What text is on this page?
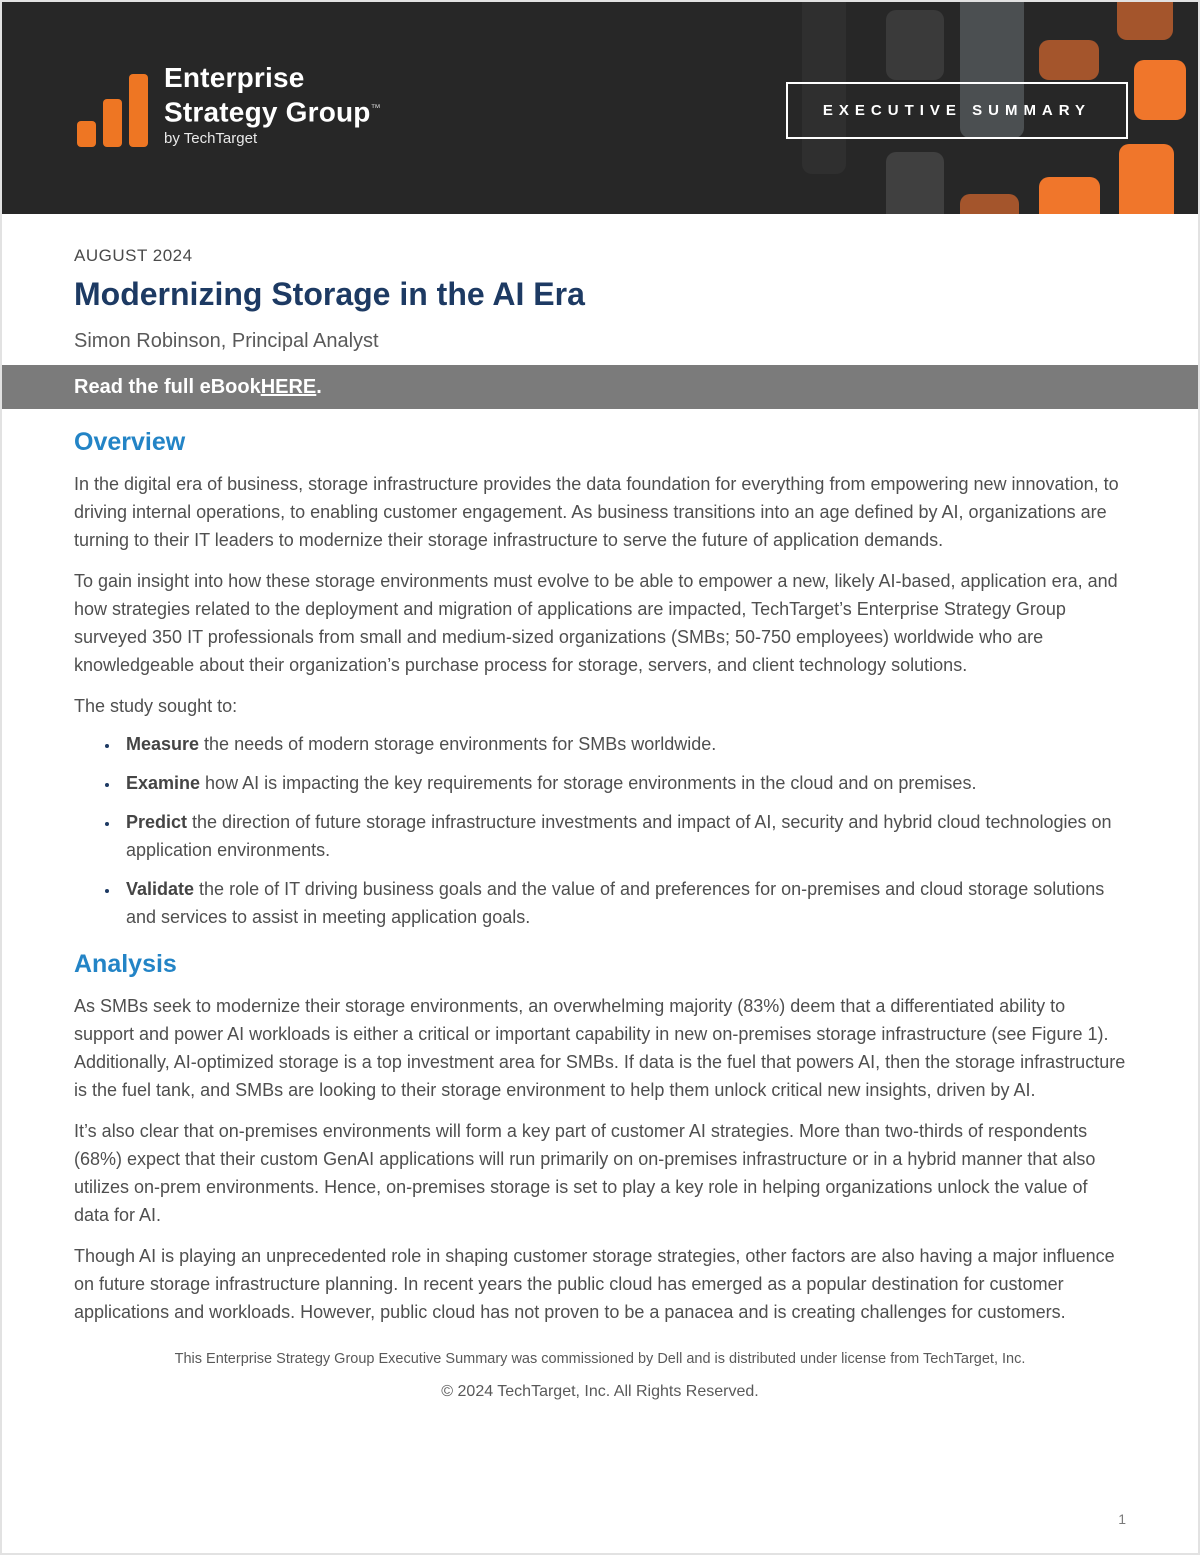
Enterprise
Strategy Group™
by TechTarget
EXECUTIVE SUMMARY
AUGUST 2024
Modernizing Storage in the AI Era
Simon Robinson, Principal Analyst
Read the full eBook HERE .
Overview

In the digital era of business, storage infrastructure provides the data foundation for everything from empowering new innovation, to driving internal operations, to enabling customer engagement. As business transitions into an age defined by AI, organizations are turning to their IT leaders to modernize their storage infrastructure to serve the future of application demands.

To gain insight into how these storage environments must evolve to be able to empower a new, likely AI-based, application era, and how strategies related to the deployment and migration of applications are impacted, TechTarget’s Enterprise Strategy Group surveyed 350 IT professionals from small and medium-sized organizations (SMBs; 50-750 employees) worldwide who are knowledgeable about their organization’s purchase process for storage, servers, and client technology solutions.

The study sought to:

• Measure the needs of modern storage environments for SMBs worldwide.
• Examine how AI is impacting the key requirements for storage environments in the cloud and on premises.
• Predict the direction of future storage infrastructure investments and impact of AI, security and hybrid cloud technologies on application environments.
• Validate the role of IT driving business goals and the value of and preferences for on-premises and cloud storage solutions and services to assist in meeting application goals.
Analysis

As SMBs seek to modernize their storage environments, an overwhelming majority (83%) deem that a differentiated ability to support and power AI workloads is either a critical or important capability in new on-premises storage infrastructure (see Figure 1). Additionally, AI-optimized storage is a top investment area for SMBs. If data is the fuel that powers AI, then the storage infrastructure is the fuel tank, and SMBs are looking to their storage environment to help them unlock critical new insights, driven by AI.

It’s also clear that on-premises environments will form a key part of customer AI strategies. More than two-thirds of respondents (68%) expect that their custom GenAI applications will run primarily on on-premises infrastructure or in a hybrid manner that also utilizes on-prem environments. Hence, on-premises storage is set to play a key role in helping organizations unlock the value of data for AI.

Though AI is playing an unprecedented role in shaping customer storage strategies, other factors are also having a major influence on future storage infrastructure planning. In recent years the public cloud has emerged as a popular destination for customer applications and workloads. However, public cloud has not proven to be a panacea and is creating challenges for customers.

This Enterprise Strategy Group Executive Summary was commissioned by Dell and is distributed under license from TechTarget, Inc.
© 2024 TechTarget, Inc. All Rights Reserved.
1
